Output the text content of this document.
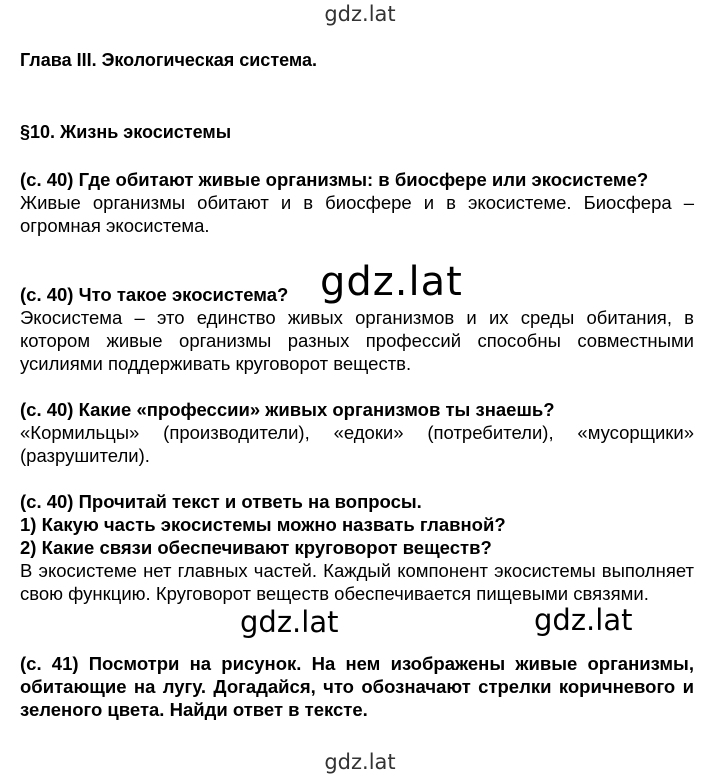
gdz.lat
Глава III. Экологическая система.
§10. Жизнь экосистемы

(с. 40) Где обитают живые организмы: в биосфере или экосистеме?

Живые организмы обитают и в биосфере и в экосистеме. Биосфера – огромная экосистема.

(с. 40) Что такое экосистема?

Экосистема – это единство живых организмов и их среды обитания, в котором живые организмы разных профессий способны совместными усилиями поддерживать круговорот веществ.

(с. 40) Какие «профессии» живых организмов ты знаешь?

«Кормильцы» (производители), «едоки» (потребители), «мусорщики» (разрушители).

(с. 40) Прочитай текст и ответь на вопросы.

1) Какую часть экосистемы можно назвать главной?

2) Какие связи обеспечивают круговорот веществ?

В экосистеме нет главных частей. Каждый компонент экосистемы выполняет свою функцию. Круговорот веществ обеспечивается пищевыми связями.

(с. 41) Посмотри на рисунок. На нем изображены живые организмы, обитающие на лугу. Догадайся, что обозначают стрелки коричневого и зеленого цвета. Найди ответ в тексте.

gdz.lat
gdz.lat	gdz.lat
gdz.lat
